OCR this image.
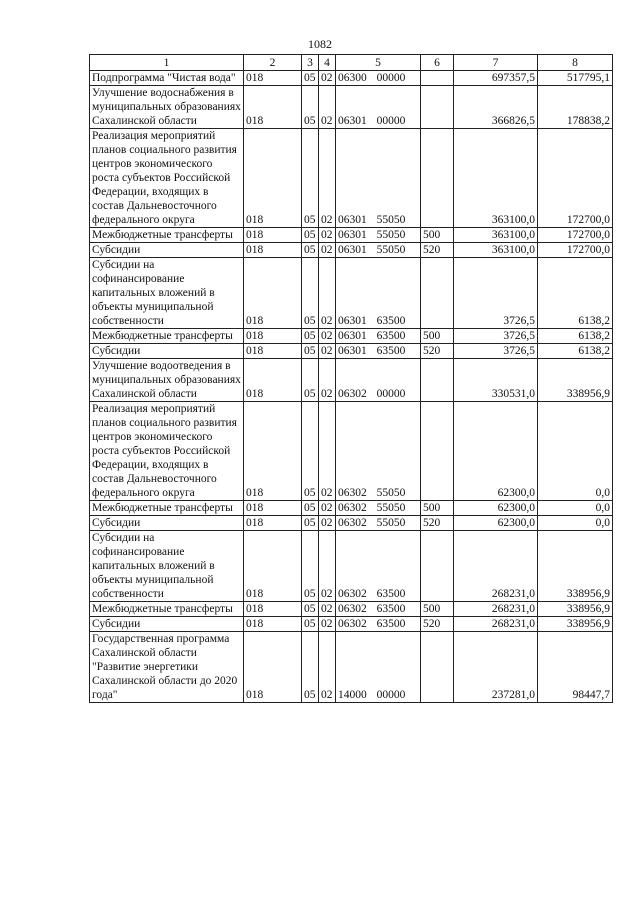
1082
1	2	3	4	5	6	7	8
Подпрограмма "Чистая вода"	018	05	02	06300 00000		697357,5	517795,1
Улучшение водоснабжения в муниципальных образованиях Сахалинской области	018	05	02	06301 00000		366826,5	178838,2
Реализация мероприятий планов социального развития центров экономического роста субъектов Российской Федерации, входящих в состав Дальневосточного федерального округа	018	05	02	06301 55050		363100,0	172700,0
Межбюджетные трансферты	018	05	02	06301 55050	500	363100,0	172700,0
Субсидии	018	05	02	06301 55050	520	363100,0	172700,0
Субсидии на софинансирование капитальных вложений в объекты муниципальной собственности	018	05	02	06301 63500		3726,5	6138,2
Межбюджетные трансферты	018	05	02	06301 63500	500	3726,5	6138,2
Субсидии	018	05	02	06301 63500	520	3726,5	6138,2
Улучшение водоотведения в муниципальных образованиях Сахалинской области	018	05	02	06302 00000		330531,0	338956,9
Реализация мероприятий планов социального развития центров экономического роста субъектов Российской Федерации, входящих в состав Дальневосточного федерального округа	018	05	02	06302 55050		62300,0	0,0
Межбюджетные трансферты	018	05	02	06302 55050	500	62300,0	0,0
Субсидии	018	05	02	06302 55050	520	62300,0	0,0
Субсидии на софинансирование капитальных вложений в объекты муниципальной собственности	018	05	02	06302 63500		268231,0	338956,9
Межбюджетные трансферты	018	05	02	06302 63500	500	268231,0	338956,9
Субсидии	018	05	02	06302 63500	520	268231,0	338956,9
Государственная программа Сахалинской области "Развитие энергетики Сахалинской области до 2020 года"	018	05	02	14000 00000		237281,0	98447,7
